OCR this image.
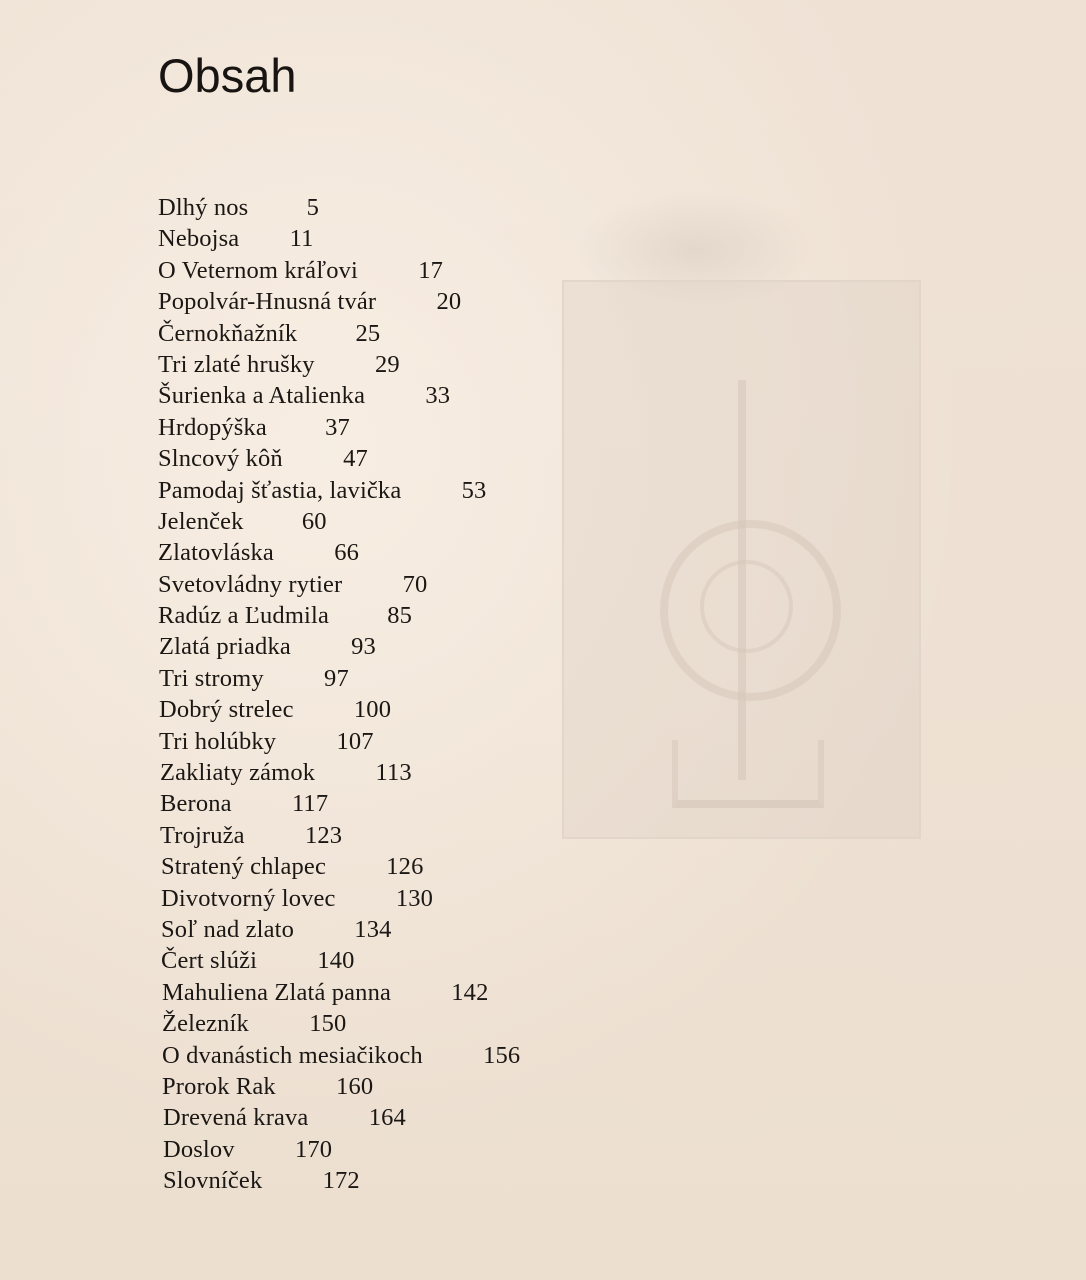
Obsah
Dlhý nos 5
Nebojsa 11
O Veternom kráľovi 17
Popolvár-Hnusná tvár 20
Černokňažník 25
Tri zlaté hrušky 29
Šurienka a Atalienka 33
Hrdopýška 37
Slncový kôň 47
Pamodaj šťastia, lavička 53
Jelenček 60
Zlatovláska 66
Svetovládny rytier 70
Radúz a Ľudmila 85
Zlatá priadka 93
Tri stromy 97
Dobrý strelec 100
Tri holúbky 107
Zakliaty zámok 113
Berona 117
Trojruža 123
Stratený chlapec 126
Divotvorný lovec 130
Soľ nad zlato 134
Čert slúži 140
Mahuliena Zlatá panna 142
Železník 150
O dvanástich mesiačikoch 156
Prorok Rak 160
Drevená krava 164
Doslov 170
Slovníček 172
